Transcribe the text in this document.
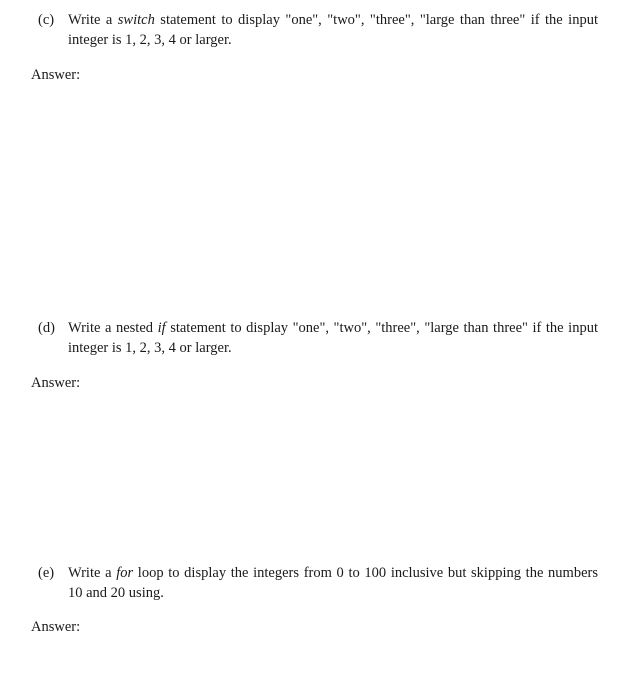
(c) Write a switch statement to display "one", "two", "three", "large than three" if the input integer is 1, 2, 3, 4 or larger.
Answer:
(d) Write a nested if statement to display "one", "two", "three", "large than three" if the input integer is 1, 2, 3, 4 or larger.
Answer:
(e) Write a for loop to display the integers from 0 to 100 inclusive but skipping the numbers 10 and 20 using.
Answer:
